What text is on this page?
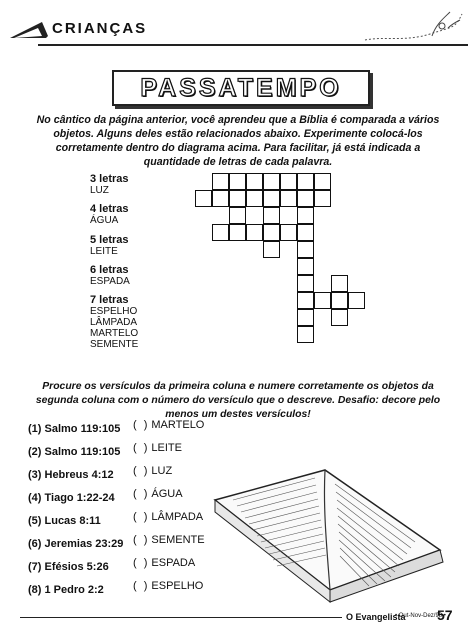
CRIANÇAS
PASSATEMPO
No cântico da página anterior, você aprendeu que a Bíblia é comparada a vários objetos. Alguns deles estão relacionados abaixo. Experimente colocá-los corretamente dentro do diagrama acima. Para facilitar, já está indicada a quantidade de letras de cada palavra.
3 letras
LUZ
4 letras
ÁGUA
5 letras
LEITE
6 letras
ESPADA
7 letras
ESPELHO
LÂMPADA
MARTELO
SEMENTE
Procure os versículos da primeira coluna e numere corretamente os objetos da segunda coluna com o número do versículo que o descreve. Desafio: decore pelo menos um destes versículos!
(1) Salmo 119:105 ( ) MARTELO
(2) Salmo 119:105 ( ) LEITE
(3) Hebreus 4:12 ( ) LUZ
(4) Tiago 1:22-24 ( ) ÁGUA
(5) Lucas 8:11	( ) LÂMPADA
(6) Jeremias 23:29 ( ) SEMENTE
(7) Efésios 5:26 ( ) ESPADA
(8) 1 Pedro 2:2	( ) ESPELHO
O Evangelista
• Out-Nov-Dez/98 •
57
